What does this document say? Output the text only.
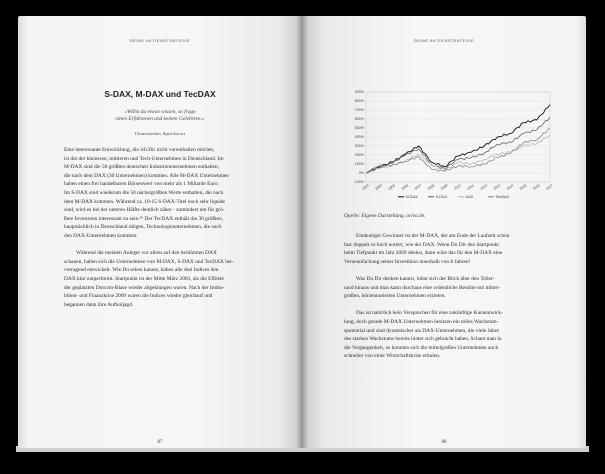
DEINE AKTIENSTRATEGIE
S-DAX, M-DAX und TecDAX
»Willst du etwas wissen, so frage
einen Erfahrenen und keinen Gelehrten.«
Chinesisches Sprichwort

Eine interessante Entwicklung, die ich Dir nicht vorenthalten möchte,
ist die der kleineren, mittleren und Tech-Unternehmen in Deutschland. Im
M-DAX sind die 50 größten deutschen Industrieunternehmen enthalten,
die nach dem DAX (30 Unternehmen) kommen. Alle M-DAX Unternehmen
haben einen frei handelbaren Börsenwert von mehr als 1 Miliarde Euro.
Im S-DAX sind wiederum die 50 nächstgrößten Werte enthalten, die nach
dem M-DAX kommen. Während ca. 10-15 S-DAX-Titel noch sehr liquide
sind, wird es bei der unteren Hälfte deutlich zäher - zumindest um für grö-
ßere Investoren interessant zu sein.³⁶ Der TecDAX enthält die 30 größten,
hauptsächlich in Deutschland tätigen, Technologieunternehmen, die nach
den DAX-Unternehmen kommen.

Während die meisten Anleger vor allem auf den berühmten DAX
schauen, haben sich die Unternehmen von M-DAX, S-DAX und TecDAX her-
vorragend entwickelt. Wie Du sehen kannst, haben alle drei Indices den
DAX klar outperformt. Startpunkt ist der Mitte März 2003, als die Effekte
der geplatzten Dotcom-Blase wieder abgeklungen waren. Nach der Immo-
bilien- und Finanzkrise 2009 waren die Indices wieder gleichauf und
begannen dann ihre Aufholjagd.

87
DEINE AKTIENSTRATEGIE
900%
800%
700%
600%
500%
400%
300%
200%
100%
0%
-100%
2003 2004 2005 2006 2007 2008 2009 2010 2011 2012 2013 2014 2015 2016 2017
M-DAX	S-DAX	DAX	TecDAX
Quelle: Eigene Darstellung, ariva.de.

Eindeutiger Gewinner ist der M-DAX, der am Ende der Laufzeit schon
fast doppelt so hoch notiert, wie der DAX. Wenn Du Dir den Startpunkt
beim Tiefpunkt im Jahr 2009 denkst, dann wäre das für den M-DAX eine
Verneunfachung seiner Investition innerhalb von 8 Jahren!

Was Du Dir denken kannst, lohnt sich der Blick über den Teller-
rand hinaus und man kann durchaus eine ordentliche Rendite mit mittel-
großen, börsennotierten Unternehmen erzielen.

Das ist natürlich kein Versprechen für eine zukünftige Kursentwick-
lung, doch gerade M-DAX Unternehmen besitzen ein tolles Wachstum-
spotential und sind dynamischer als DAX-Unternehmen, die viele Jahre
des starken Wachstums bereits hinter sich gebracht haben. Schaut man in
die Vergangenheit, so konnten sich die mittelgroßen Unternehmen auch
schneller von einer Wirtschaftskrise erholen.

88
